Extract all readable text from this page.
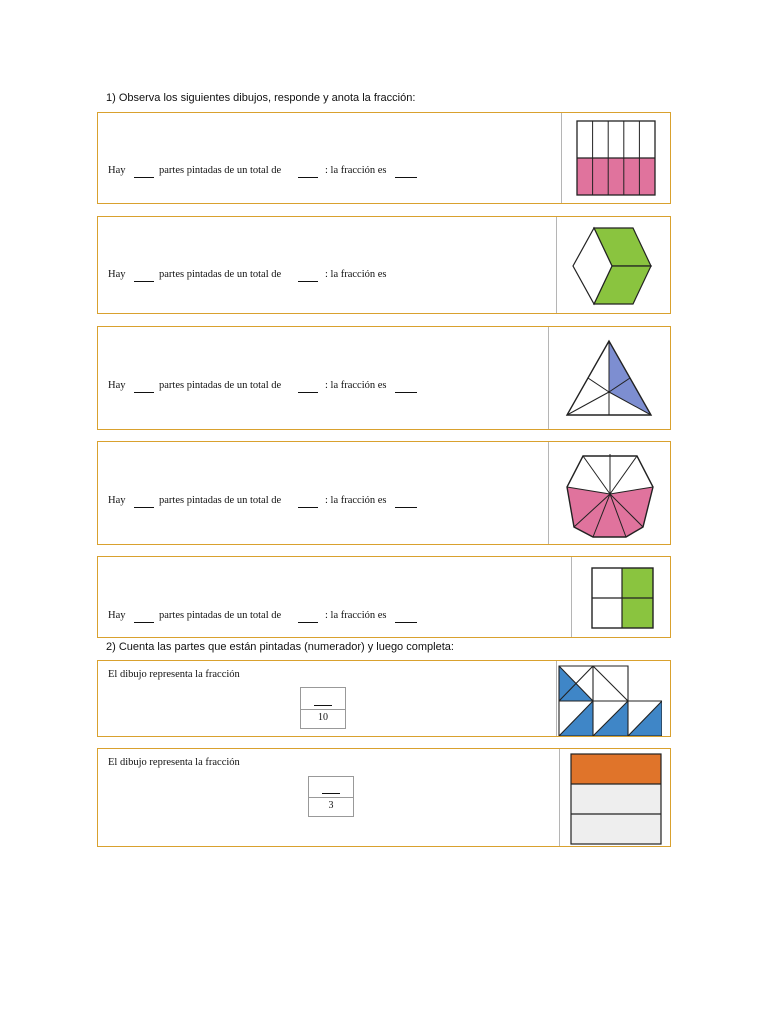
1) Observa los siguientes dibujos, responde y anota la fracción:
Hay	partes pintadas de un total de	: la fracción es
Hay	partes pintadas de un total de	: la fracción es
Hay	partes pintadas de un total de	: la fracción es
Hay	partes pintadas de un total de	: la fracción es
Hay	partes pintadas de un total de	: la fracción es
2) Cuenta las partes que están pintadas (numerador) y luego completa:
El dibujo representa la fracción
10
El dibujo representa la fracción
3
